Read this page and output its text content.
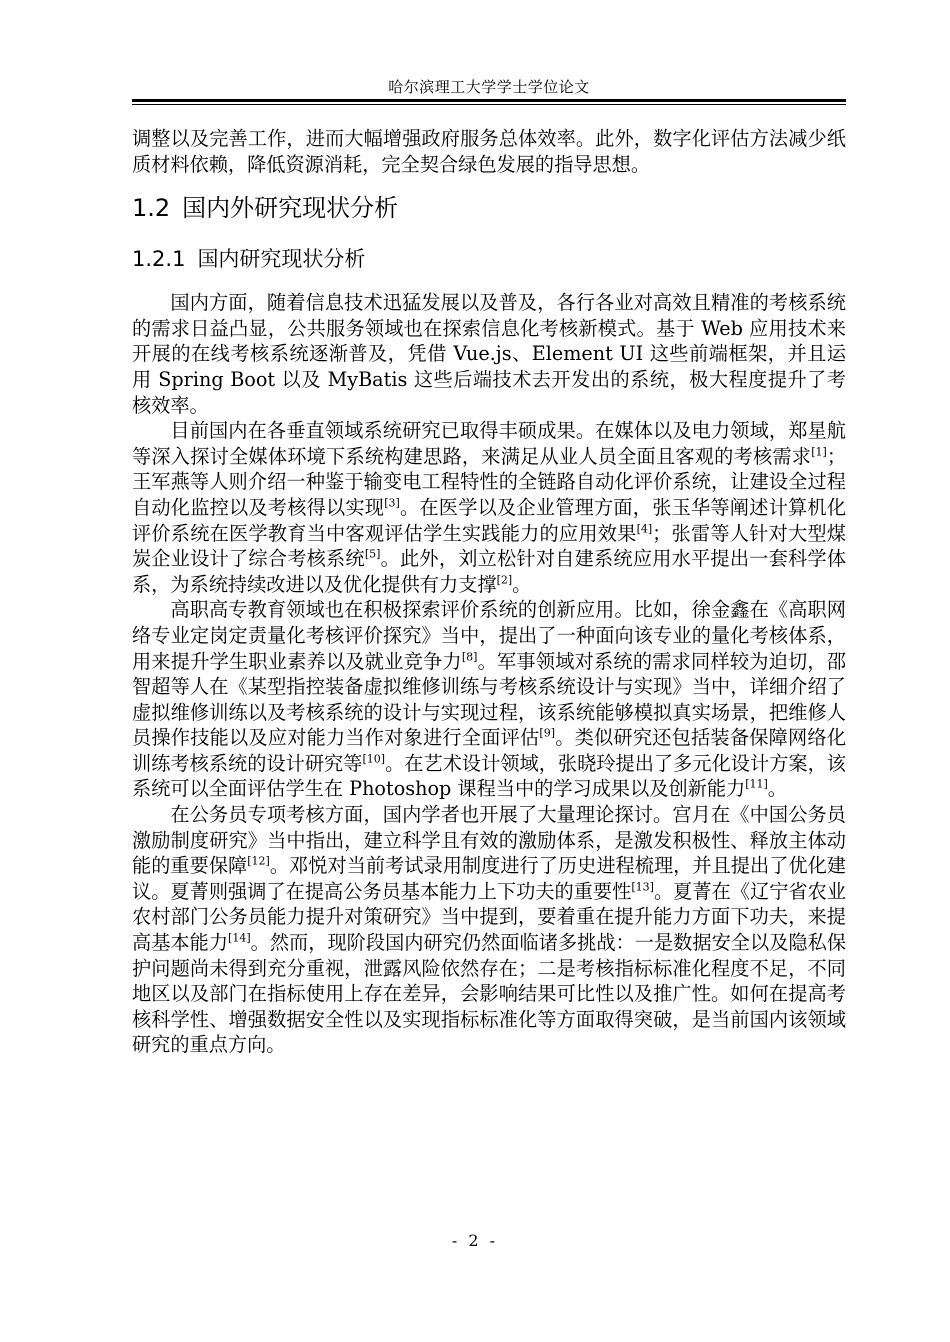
哈尔滨理工大学学士学位论文

调整以及完善工作，进而大幅增强政府服务总体效率。此外，数字化评估方法减少纸质材料依赖，降低资源消耗，完全契合绿色发展的指导思想。

1.2 国内外研究现状分析
1.2.1 国内研究现状分析

国内方面，随着信息技术迅猛发展以及普及，各行各业对高效且精准的考核系统的需求日益凸显，公共服务领域也在探索信息化考核新模式。基于 Web 应用技术来开展的在线考核系统逐渐普及，凭借 Vue.js、Element UI 这些前端框架，并且运用 Spring Boot 以及 MyBatis 这些后端技术去开发出的系统，极大程度提升了考核效率。

目前国内在各垂直领域系统研究已取得丰硕成果。在媒体以及电力领域，郑星航等深入探讨全媒体环境下系统构建思路，来满足从业人员全面且客观的考核需求[1]；王军燕等人则介绍一种鉴于输变电工程特性的全链路自动化评价系统，让建设全过程自动化监控以及考核得以实现[3]。在医学以及企业管理方面，张玉华等阐述计算机化评价系统在医学教育当中客观评估学生实践能力的应用效果[4]；张雷等人针对大型煤炭企业设计了综合考核系统[5]。此外，刘立松针对自建系统应用水平提出一套科学体系，为系统持续改进以及优化提供有力支撑[2]。

高职高专教育领域也在积极探索评价系统的创新应用。比如，徐金鑫在《高职网络专业定岗定责量化考核评价探究》当中，提出了一种面向该专业的量化考核体系，用来提升学生职业素养以及就业竞争力[8]。军事领域对系统的需求同样较为迫切，邵智超等人在《某型指控装备虚拟维修训练与考核系统设计与实现》当中，详细介绍了虚拟维修训练以及考核系统的设计与实现过程，该系统能够模拟真实场景，把维修人员操作技能以及应对能力当作对象进行全面评估[9]。类似研究还包括装备保障网络化训练考核系统的设计研究等[10]。在艺术设计领域，张晓玲提出了多元化设计方案，该系统可以全面评估学生在 Photoshop 课程当中的学习成果以及创新能力[11]。

在公务员专项考核方面，国内学者也开展了大量理论探讨。宫月在《中国公务员激励制度研究》当中指出，建立科学且有效的激励体系，是激发积极性、释放主体动能的重要保障[12]。邓悦对当前考试录用制度进行了历史进程梳理，并且提出了优化建议。夏菁则强调了在提高公务员基本能力上下功夫的重要性[13]。夏菁在《辽宁省农业农村部门公务员能力提升对策研究》当中提到，要着重在提升能力方面下功夫，来提高基本能力[14]。然而，现阶段国内研究仍然面临诸多挑战：一是数据安全以及隐私保护问题尚未得到充分重视，泄露风险依然存在；二是考核指标标准化程度不足，不同地区以及部门在指标使用上存在差异，会影响结果可比性以及推广性。如何在提高考核科学性、增强数据安全性以及实现指标标准化等方面取得突破，是当前国内该领域研究的重点方向。

- 2 -
